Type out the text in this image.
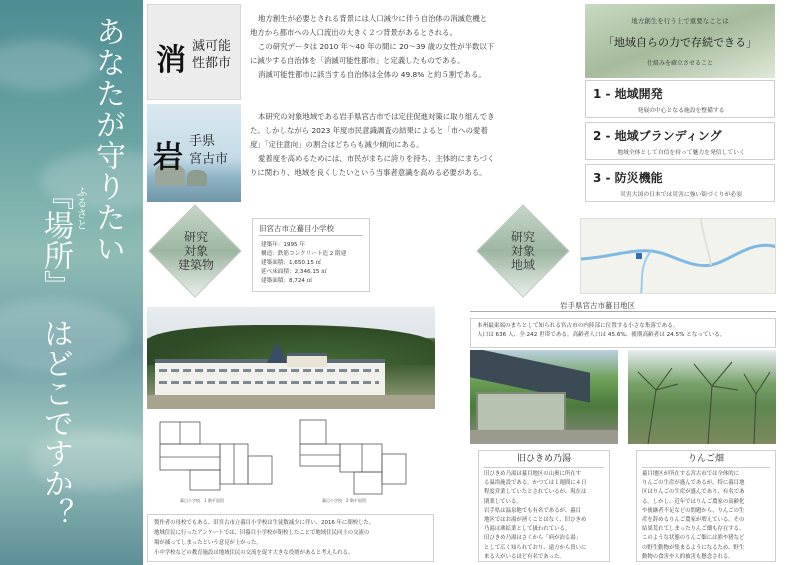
あなたが守りたい
ふるさと
『場所』
はどこですか？
消 滅可能
性都市
地方創生が必要とされる背景には人口減少に伴う自治体の消滅危機と
地方から都市への人口流出の大きく２つ背景があるとされる。
この研究データは 2010 年〜40 年の間に 20〜39 歳の女性が半数以下
に減少する自治体を「消滅可能性都市」と定義したものである。
消滅可能性都市に該当する自治体は全体の 49.8% と約５割である。
岩 手県
宮古市
本研究の対象地域である岩手県宮古市では定住促進対策に取り組んでき
た。しかしながら 2023 年度市民意識調査の結果によると「市への愛着
度」「定住意向」の割合はどちらも減少傾向にある。
愛着度を高めるためには、市民がまちに誇りを持ち、主体的にまちづく
りに関わり、地域を良くしたいという当事者意識を高める必要がある。
地方創生を行う上で重要なことは
「地域自らの力で存続できる」
仕組みを確立させること
1 - 地域開発
発展の中心となる施設を整備する
2 - 地域ブランディング
地域全体として自信を持って魅力を発信していく
3 - 防災機能
災害大国の日本では災害に強い街づくりが必須
研究
対象
建築物
旧宮古市立蟇目小学校
建築年：1995 年
構造：鉄筋コンクリート造 2 階建
建築面積：1,650.15 ㎡
延べ床面積：2,346.15 ㎡
建築面積：8,724 ㎡
蟇目小学校　1 階平面図	蟇目小学校　2 階平面図
製作者の母校でもある、旧宮古市立蟇目小学校は生徒数減少に伴い、2016 年に閉校した。
地域住民に行ったアンケートでは、旧蟇目小学校が閉校したことで地域住民同士の交流の
場が減ってしまったという意見が上がった。
小中学校などの教育施設は地域住民の交流を促す大きな役割があると考えられる。
研究
対象
地域
岩手県宮古市蟇目地区
本州最東端のまちとして知られる宮古市の内陸部に位置する小さな集落である。
人口は 636 人、全 242 世帯である。高齢者人口は 45.6%、後期高齢者は 24.5% となっている。
旧ひきめ乃湯
旧ひきめ乃湯は蟇目地区の山奥に所在す
る温浴施設である。かつては１週間に４日
程度営業していたとされているが、現在は
閉業している。
岩手県は温泉地でも有名であるが、蟇目
地区ではお湯が湧くことはなく、旧ひきめ
乃湯は沸拡業として扱われている。
旧ひきめ乃湯はさくから「病が治る湯」
として広く知られており、遠方から買いに
来る人がいるほど有名であった。
りんご畑
蟇目地区が所在する宮古市では全体的に
りんごの生産が盛んであるが、特に蟇目地
区はりんごの生産が盛んであり、有名であ
る。しかし、近年ではりんご農家の高齢化
や後継者不足などの問題から、りんごの生
産を辞めるりんご農家が増えている。その
結果荒れてしまったりんご畑も存在する。
このような状態のりんご畑には熊や猪など
の野生動物が集まるようになるため、野生
動物の食害や人的被害も懸念される。
